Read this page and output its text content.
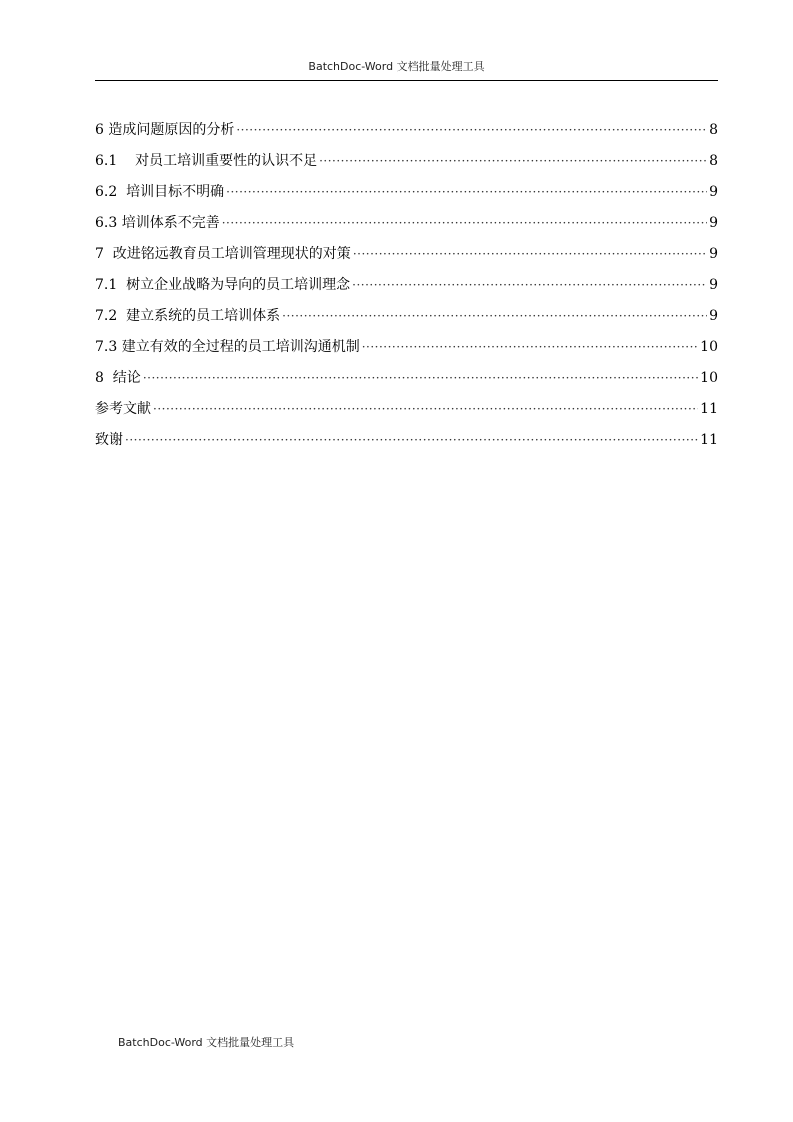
BatchDoc-Word 文档批量处理工具
6 造成问题原因的分析 ·····	8
6.1    对员工培训重要性的认识不足 ·····	8
6.2  培训目标不明确 ·····	9
6.3 培训体系不完善 ·····	9
7  改进铭远教育员工培训管理现状的对策 ·····	9
7.1  树立企业战略为导向的员工培训理念 ·····	9
7.2  建立系统的员工培训体系 ·····	9
7.3 建立有效的全过程的员工培训沟通机制 ·····	10
8  结论 ·····	10
参考文献 ·····	11
致谢 ·····	11
BatchDoc-Word 文档批量处理工具
